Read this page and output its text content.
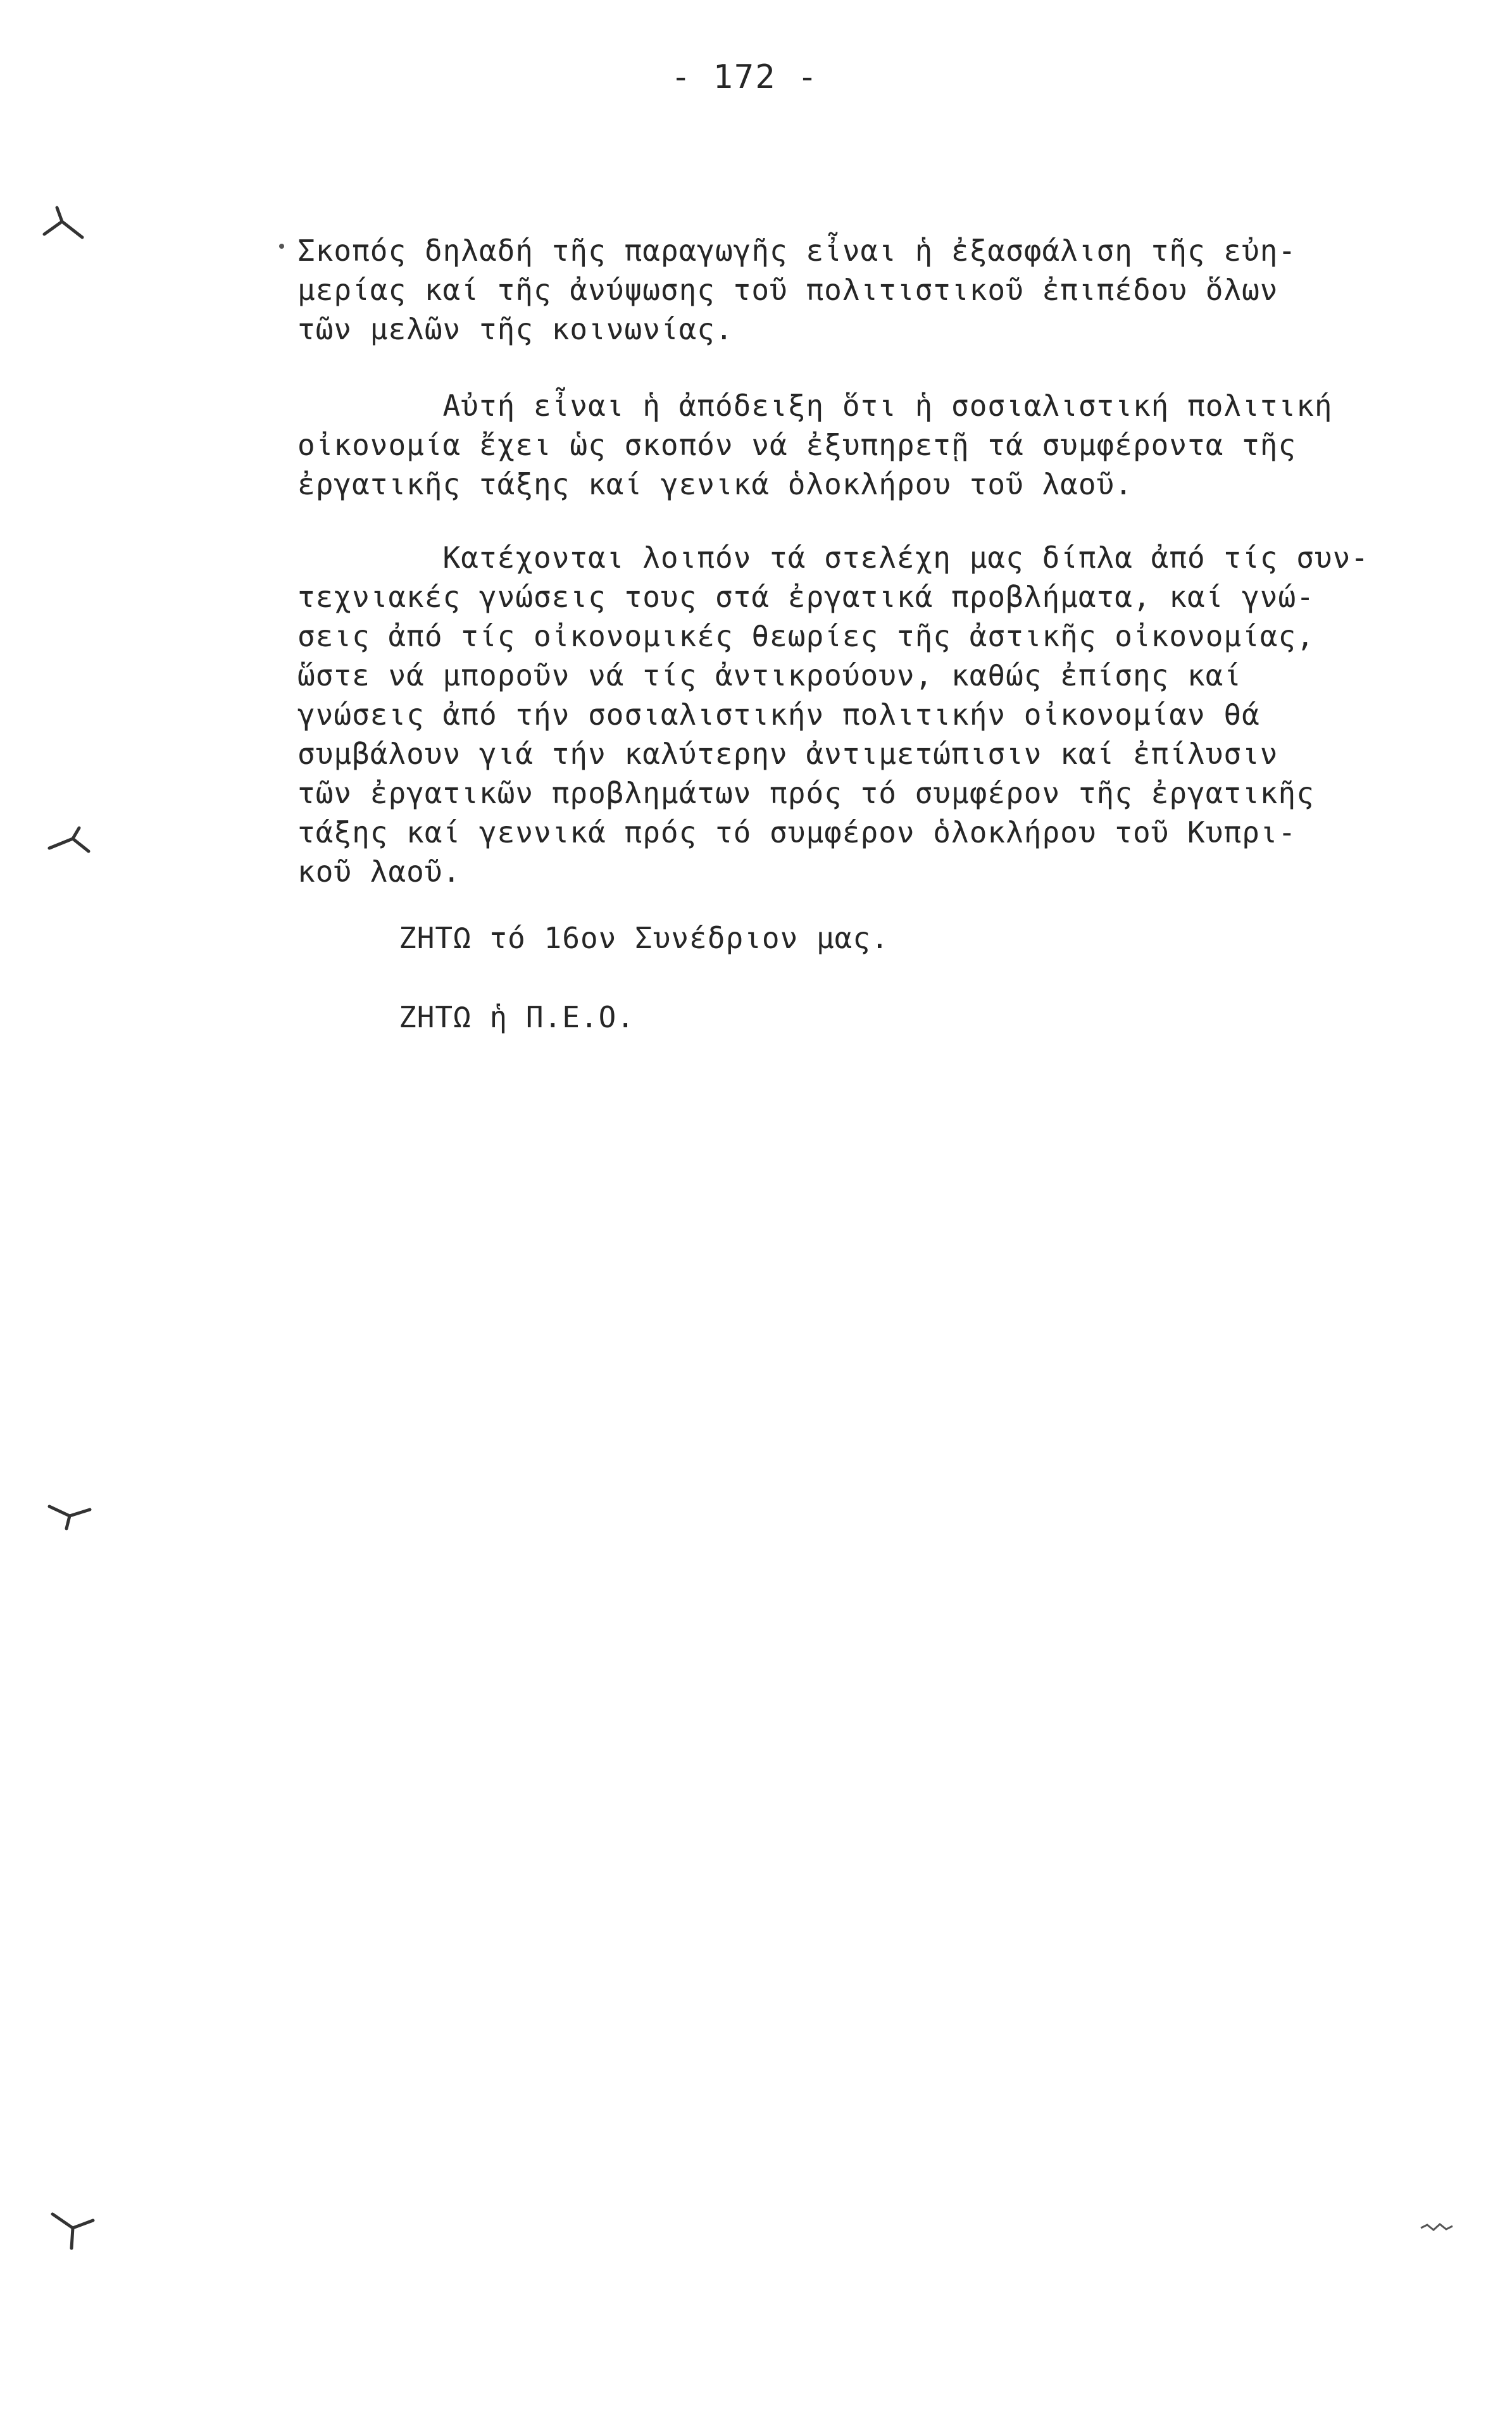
- 172 -
Σκοπός δηλαδή τῆς παραγωγῆς εἶναι ἡ ἐξασφάλιση τῆς εὐη-
μερίας καί τῆς ἀνύψωσης τοῦ πολιτιστικοῦ ἐπιπέδου ὅλων
τῶν μελῶν τῆς κοινωνίας.
Αὐτή εἶναι ἡ ἀπόδειξη ὅτι ἡ σοσιαλιστική πολιτική
οἰκονομία ἔχει ὡς σκοπόν νά ἐξυπηρετῇ τά συμφέροντα τῆς
ἐργατικῆς τάξης καί γενικά ὁλοκλήρου τοῦ λαοῦ.
Κατέχονται λοιπόν τά στελέχη μας δίπλα ἀπό τίς συν-
τεχνιακές γνώσεις τους στά ἐργατικά προβλήματα, καί γνώ-
σεις ἀπό τίς οἰκονομικές θεωρίες τῆς ἀστικῆς οἰκονομίας,
ὥστε νά μποροῦν νά τίς ἀντικρούουν, καθώς ἐπίσης καί
γνώσεις ἀπό τήν σοσιαλιστικήν πολιτικήν οἰκονομίαν θά
συμβάλουν γιά τήν καλύτερην ἀντιμετώπισιν καί ἐπίλυσιν
τῶν ἐργατικῶν προβλημάτων πρός τό συμφέρον τῆς ἐργατικῆς
τάξης καί γεννικά πρός τό συμφέρον ὁλοκλήρου τοῦ Κυπρι-
κοῦ λαοῦ.
ΖΗΤΩ τό 16ον Συνέδριον μας.
ΖΗΤΩ ἡ Π.Ε.Ο.
